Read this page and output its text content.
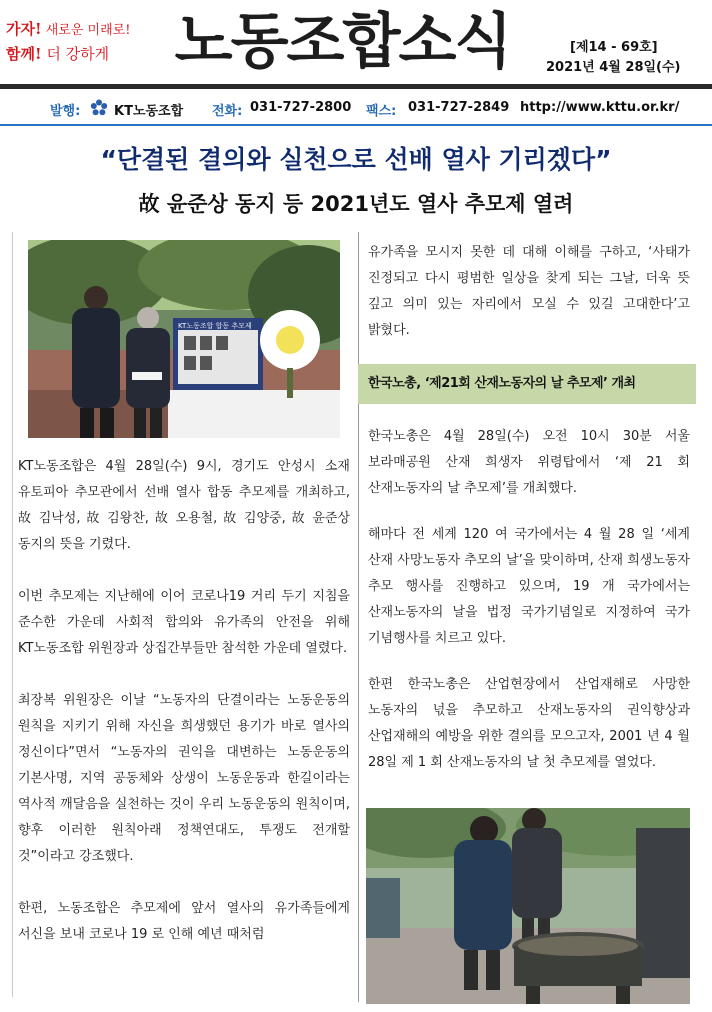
가자! 새로운 미래로!
함께! 더 강하게	노동조합소식	[제14 - 69호]
2021년 4월 28일(수)
발행:	KT노동조합 전화: 031-727-2800 팩스: 031-727-2849 http://www.kttu.or.kr/
“단결된 결의와 실천으로 선배 열사 기리겠다”
故 윤준상 동지 등 2021년도 열사 추모제 열려
KT노동조합 합동 추모제

KT노동조합은 4월 28일(수) 9시, 경기도 안성시 소재 유토피아 추모관에서 선배 열사 합동 추모제를 개최하고, 故 김낙성, 故 김왕찬, 故 오용철, 故 김양중, 故 윤준상 동지의 뜻을 기렸다.

이번 추모제는 지난해에 이어 코로나19 거리 두기 지침을 준수한 가운데 사회적 합의와 유가족의 안전을 위해 KT노동조합 위원장과 상집간부들만 참석한 가운데 열렸다.

최장복 위원장은 이날 “노동자의 단결이라는 노동운동의 원칙을 지키기 위해 자신을 희생했던 용기가 바로 열사의 정신이다”면서 “노동자의 권익을 대변하는 노동운동의 기본사명, 지역 공동체와 상생이 노동운동과 한길이라는 역사적 깨달음을 실천하는 것이 우리 노동운동의 원칙이며, 향후 이러한 원칙아래 정책연대도, 투쟁도 전개할 것”이라고 강조했다.

한편, 노동조합은 추모제에 앞서 열사의 유가족들에게 서신을 보내 코로나 19 로 인해 예년 때처럼

유가족을 모시지 못한 데 대해 이해를 구하고, ‘사태가 진정되고 다시 평범한 일상을 찾게 되는 그날, 더욱 뜻 깊고 의미 있는 자리에서 모실 수 있길 고대한다’고 밝혔다.

한국노총, ‘제21회 산재노동자의 날 추모제’ 개최

한국노총은 4월 28일(수) 오전 10시 30분 서울 보라매공원 산재 희생자 위령탑에서 ‘제 21 회 산재노동자의 날 추모제’를 개최했다.

해마다 전 세계 120 여 국가에서는 4 월 28 일 ‘세계 산재 사망노동자 추모의 날’을 맞이하며, 산재 희생노동자 추모 행사를 진행하고 있으며, 19 개 국가에서는 산재노동자의 날을 법정 국가기념일로 지정하여 국가 기념행사를 치르고 있다.

한편 한국노총은 산업현장에서 산업재해로 사망한 노동자의 넋을 추모하고 산재노동자의 권익향상과 산업재해의 예방을 위한 결의를 모으고자, 2001 년 4 월 28일 제 1 회 산재노동자의 날 첫 추모제를 열었다.
